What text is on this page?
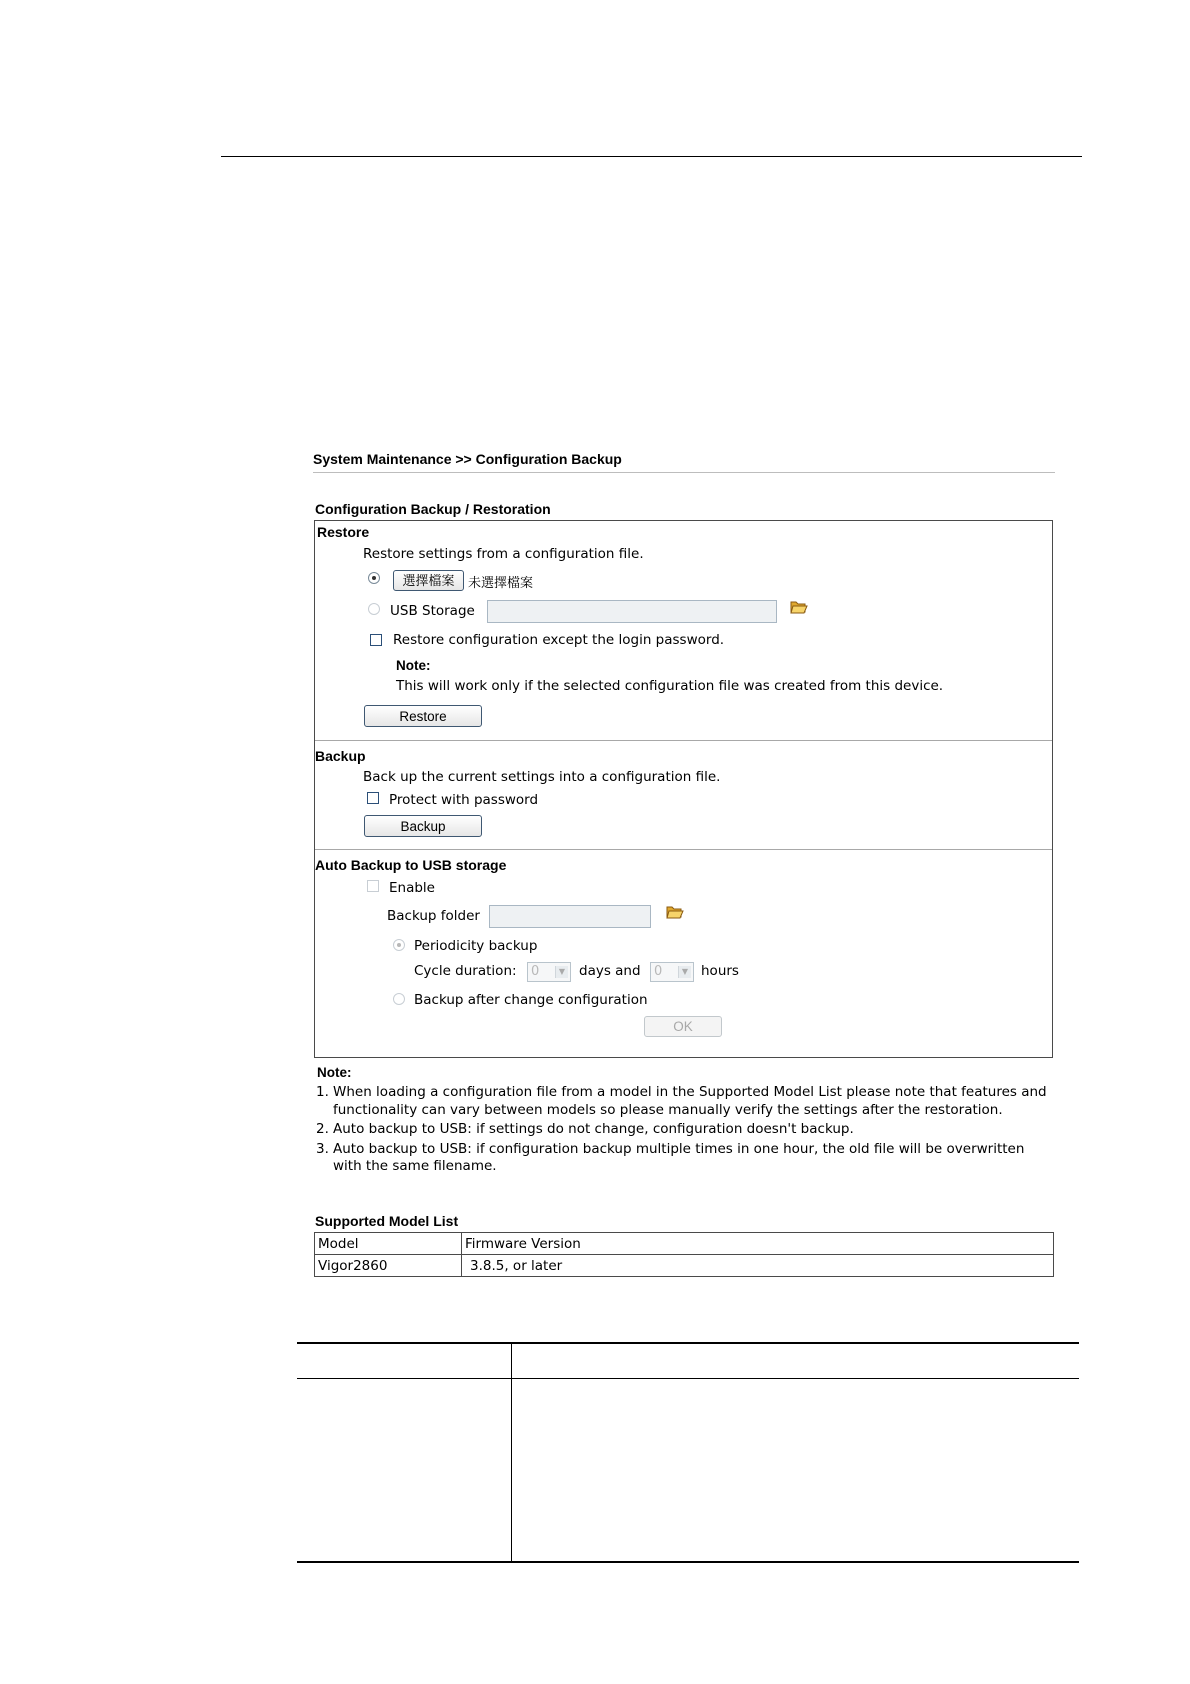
System Maintenance >> Configuration Backup
Configuration Backup / Restoration
Restore
Restore settings from a configuration file.
選擇檔案	未選擇檔案
USB Storage
Restore configuration except the login password.
Note:
This will work only if the selected configuration file was created from this device.
Restore
Backup
Back up the current settings into a configuration file.
Protect with password
Backup
Auto Backup to USB storage
Enable
Backup folder
Periodicity backup
Cycle duration:	0	▼ days and	0	▼ hours
Backup after change configuration
OK
Note:
1. When loading a configuration file from a model in the Supported Model List please note that features and functionality can vary between models so please manually verify the settings after the restoration.
2. Auto backup to USB: if settings do not change, configuration doesn't backup.
3. Auto backup to USB: if configuration backup multiple times in one hour, the old file will be overwritten with the same filename.
Supported Model List
Model	Firmware Version
Vigor2860	3.8.5, or later
